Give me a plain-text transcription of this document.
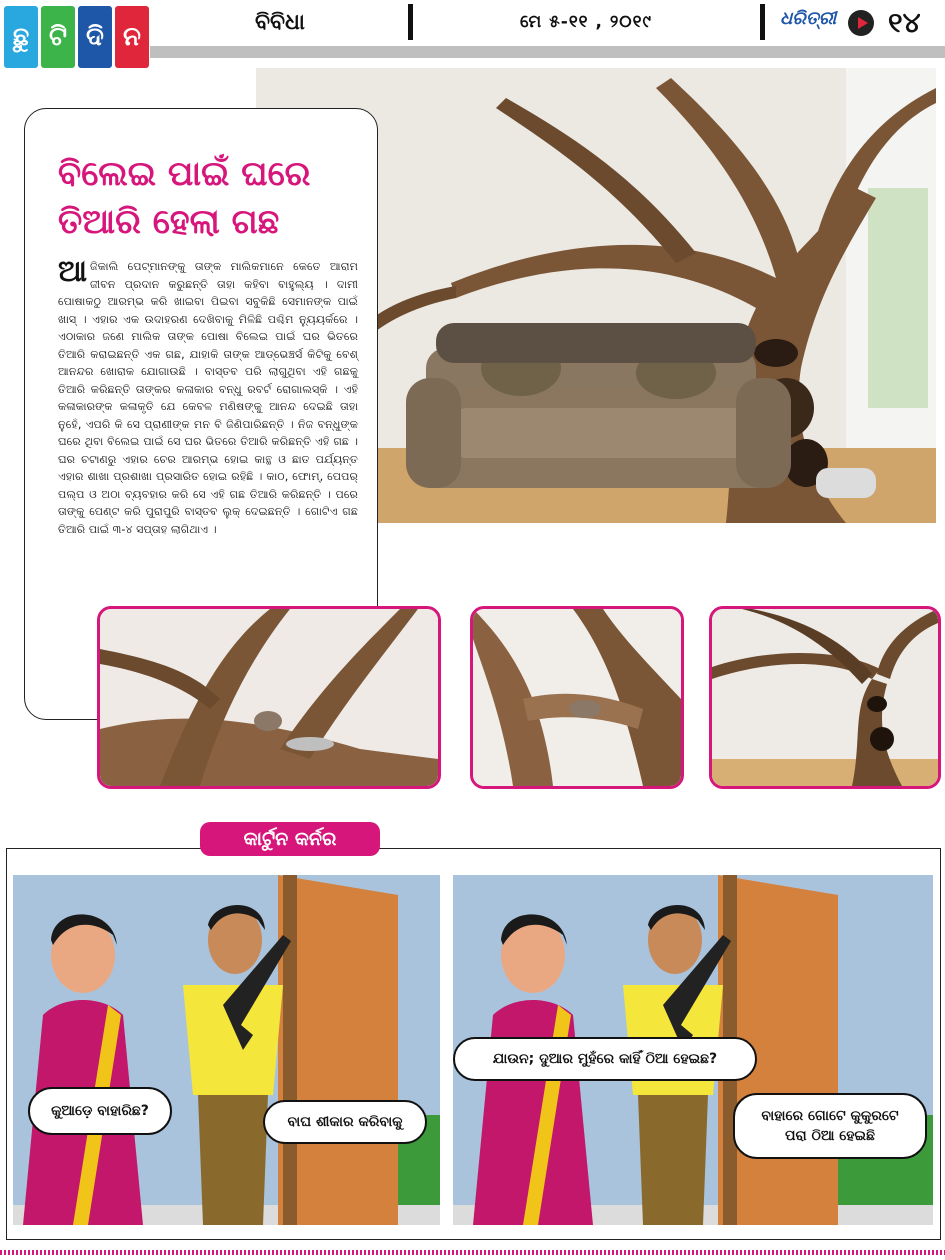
ଛୁ ଟି ଦି ନ	ବିବିଧା	ମେ ୫-୧୧ , ୨୦୧୯	ଧରିତ୍ରୀ ୧୪
ବିଲେଇ ପାଇଁ ଘରେ
ତିଆରି ହେଲା ଗଛ
ଆଜିକାଲି ପେଟ୍‌ମାନଙ୍କୁ ତାଙ୍କ ମାଲିକମାନେ କେତେ ଆରାମ ଜୀବନ ପ୍ରଦାନ କରୁଛନ୍ତି ତାହା କହିବା ବାହୁଲ୍ୟ । ଦାମୀ ପୋଷାକଠୁ ଆରମ୍ଭ କରି ଖାଇବା ପିଇବା ସବୁକିଛି ସେମାନଙ୍କ ପାଇଁ ଖାସ୍ । ଏହାର ଏକ ଉଦାହରଣ ଦେଖିବାକୁ ମିଳିଛି ପଶ୍ଚିମ ନ୍ୟୁୟର୍କରେ । ଏଠାକାର ଜଣେ ମାଲିକ ତାଙ୍କ ପୋଷା ବିଲେଇ ପାଇଁ ଘର ଭିତରେ ତିଆରି କରାଇଛନ୍ତି ଏକ ଗଛ, ଯାହାକି ତାଙ୍କ ଆଡ୍‌ଭେଞ୍ଚର୍ସ କିଟିକୁ ବେଶ୍ ଆନନ୍ଦର ଖୋରାକ ଯୋଗାଉଛି । ବାସ୍ତବ ପରି ଲାଗୁଥିବା ଏହି ଗଛକୁ ତିଆରି କରିଛନ୍ତି ତାଙ୍କର କଳାକାର ବନ୍ଧୁ ରବର୍ଟ ରୋଗାଲସ୍କି । ଏହି କଳାକାରଙ୍କ କଳାକୃତି ଯେ କେବଳ ମଣିଷଙ୍କୁ ଆନନ୍ଦ ଦେଇଛି ତାହା ନୁହେଁ, ଏପରି କି ସେ ପ୍ରାଣୀଙ୍କ ମନ ବି ଜିଣିପାରିଛନ୍ତି । ନିଜ ବନ୍ଧୁଙ୍କ ଘରେ ଥିବା ବିଲେଇ ପାଇଁ ସେ ଘର ଭିତରେ ତିଆରି କରିଛନ୍ତି ଏହି ଗଛ । ଘର ଚଟାଣରୁ ଏହାର ଚେର ଆରମ୍ଭ ହୋଇ କାନ୍ଥ ଓ ଛାତ ପର୍ଯ୍ୟନ୍ତ ଏହାର ଶାଖା ପ୍ରଶାଖା ପ୍ରସାରିତ ହୋଇ ରହିଛି । କାଠ, ଫୋମ୍, ପେପର୍ ପଲ୍ପ ଓ ଅଠା ବ୍ୟବହାର କରି ସେ ଏହି ଗଛ ତିଆରି କରିଛନ୍ତି । ପରେ ତାଙ୍କୁ ପେଣ୍ଟ କରି ପୁରାପୁରି ବାସ୍ତବ ଲୁକ୍ ଦେଇଛନ୍ତି । ଗୋଟିଏ ଗଛ ତିଆରି ପାଇଁ ୩-୪ ସପ୍ତାହ ଲାଗିଥାଏ ।
କାର୍ଟୁନ କର୍ନର
କୁଆଡ଼େ ବାହାରିଛ?
ବାଘ ଶୀକାର କରିବାକୁ
ଯାଉନ; ଦୁଆର ମୁହଁରେ କାହିଁ ଠିଆ ହେଇଛ?
ବାହାରେ ଗୋଟେ କୁକୁରଟେ
ପରା ଠିଆ ହେଇଛି
